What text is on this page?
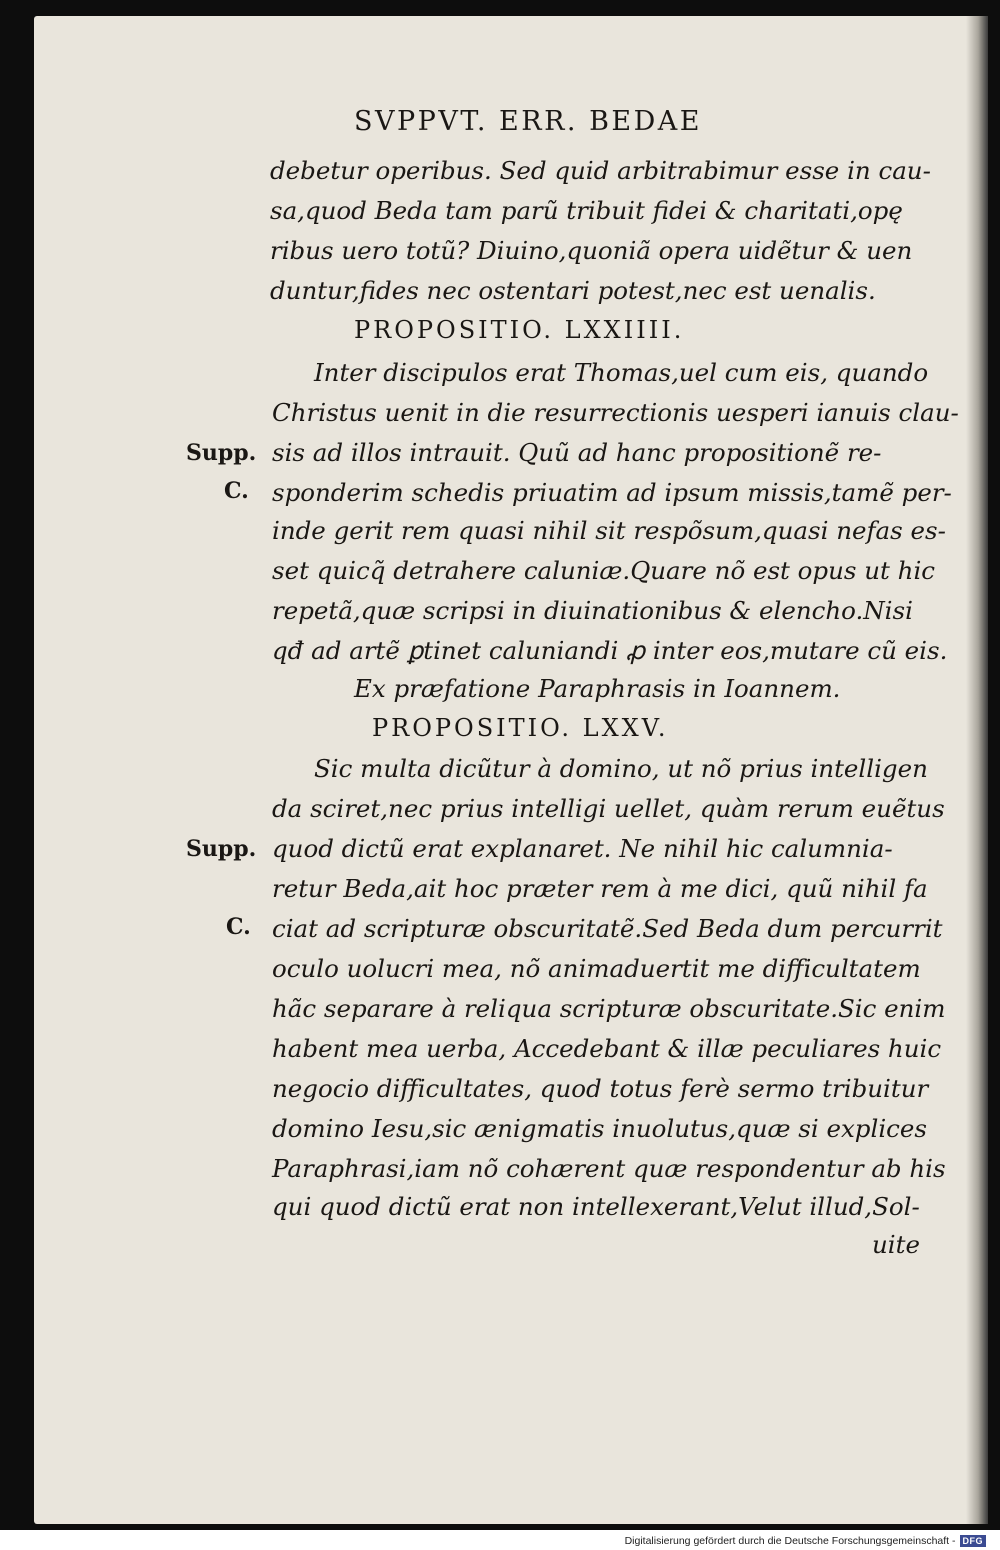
SVPPVT. ERR. BEDAE
debetur operibus. Sed quid arbitrabimur esse in cau-
sa,quod Beda tam parũ tribuit fidei & charitati,opę
ribus uero totũ? Diuino,quoniã opera uidẽtur & uen
duntur,fides nec ostentari potest,nec est uenalis.
PROPOSITIO. LXXIIII.
Inter discipulos erat Thomas,uel cum eis, quando
Christus uenit in die resurrectionis uesperi ianuis clau-
sis ad illos intrauit. Quũ ad hanc propositionẽ re-
sponderim schedis priuatim ad ipsum missis,tamẽ per-
inde gerit rem quasi nihil sit respõsum,quasi nefas es-
set quicq̃ detrahere caluniæ.Quare nõ est opus ut hic
repetã,quæ scripsi in diuinationibus & elencho.Nisi
qđ ad artẽ ꝑtinet caluniandi ꝓ inter eos,mutare cũ eis.
Ex præfatione Paraphrasis in Ioannem.
PROPOSITIO. LXXV.
Sic multa dicũtur à domino, ut nõ prius intelligen
da sciret,nec prius intelligi uellet, quàm rerum euẽtus
quod dictũ erat explanaret. Ne nihil hic calumnia-
retur Beda,ait hoc præter rem à me dici, quũ nihil fa
ciat ad scripturæ obscuritatẽ.Sed Beda dum percurrit
oculo uolucri mea, nõ animaduertit me difficultatem
hãc separare à reliqua scripturæ obscuritate.Sic enim
habent mea uerba, Accedebant & illæ peculiares huic
negocio difficultates, quod totus ferè sermo tribuitur
domino Iesu,sic ænigmatis inuolutus,quæ si explices
Paraphrasi,iam nõ cohærent quæ respondentur ab his
qui quod dictũ erat non intellexerant,Velut illud,Sol-
uite
Supp.
C.
Supp.
C.
Digitalisierung gefördert durch die Deutsche Forschungsgemeinschaft - DFG
